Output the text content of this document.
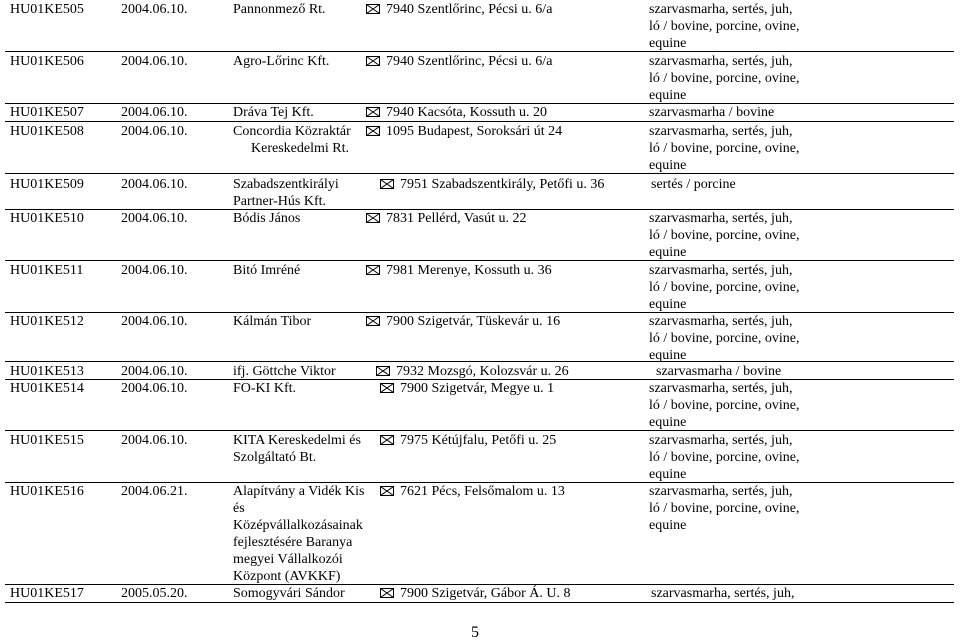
HU01KE505	2004.06.10.	Pannonmező Rt.	7940 Szentlőrinc, Pécsi u. 6/a	szarvasmarha, sertés, juh,
ló / bovine, porcine, ovine,
equine
HU01KE506	2004.06.10.	Agro-Lőrinc Kft.	7940 Szentlőrinc, Pécsi u. 6/a	szarvasmarha, sertés, juh,
ló / bovine, porcine, ovine,
equine
HU01KE507	2004.06.10.	Dráva Tej Kft.	7940 Kacsóta, Kossuth u. 20	szarvasmarha / bovine
HU01KE508	2004.06.10.	Concordia Közraktár
Kereskedelmi Rt.
1095 Budapest, Soroksári út 24	szarvasmarha, sertés, juh,
ló / bovine, porcine, ovine,
equine
HU01KE509	2004.06.10.	Szabadszentkirályi
Partner-Hús Kft.
7951 Szabadszentkirály, Petőfi u. 36	sertés / porcine
HU01KE510	2004.06.10.	Bódis János	7831 Pellérd, Vasút u. 22	szarvasmarha, sertés, juh,
ló / bovine, porcine, ovine,
equine
HU01KE511	2004.06.10.	Bitó Imréné	7981 Merenye, Kossuth u. 36	szarvasmarha, sertés, juh,
ló / bovine, porcine, ovine,
equine
HU01KE512	2004.06.10.	Kálmán Tibor	7900 Szigetvár, Tüskevár u. 16	szarvasmarha, sertés, juh,
ló / bovine, porcine, ovine,
equine
HU01KE513	2004.06.10.	ifj. Göttche Viktor	7932 Mozsgó, Kolozsvár u. 26	szarvasmarha / bovine
HU01KE514	2004.06.10.	FO-KI Kft.	7900 Szigetvár, Megye u. 1	szarvasmarha, sertés, juh,
ló / bovine, porcine, ovine,
equine
HU01KE515	2004.06.10.	KITA Kereskedelmi és
Szolgáltató Bt.
7975 Kétújfalu, Petőfi u. 25	szarvasmarha, sertés, juh,
ló / bovine, porcine, ovine,
equine
HU01KE516	2004.06.21.	Alapítvány a Vidék Kis
és
Középvállalkozásainak
fejlesztésére Baranya
megyei Vállalkozói
Központ (AVKKF)
7621 Pécs, Felsőmalom u. 13	szarvasmarha, sertés, juh,
ló / bovine, porcine, ovine,
equine
HU01KE517	2005.05.20.	Somogyvári Sándor	7900 Szigetvár, Gábor Á. U. 8	szarvasmarha, sertés, juh,
5
